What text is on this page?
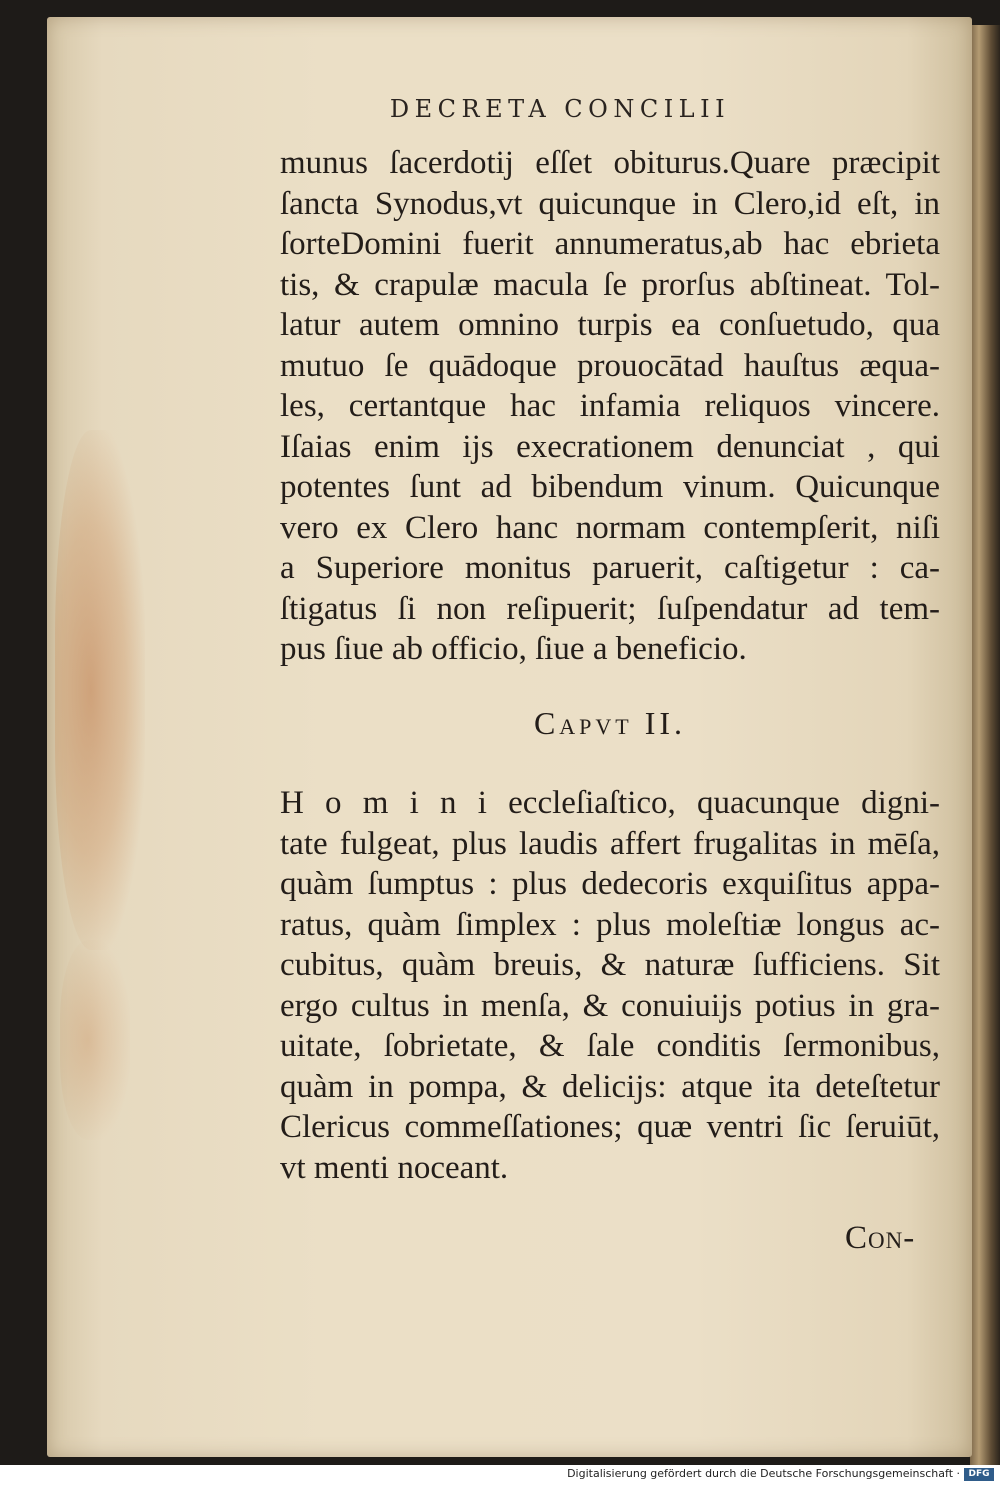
DECRETA CONCILII
munus ſacerdotij eſſet obiturus.Quare præcipit
ſancta Synodus,vt quicunque in Clero,id eſt, in
ſorteDomini fuerit annumeratus,ab hac ebrieta
tis, & crapulæ macula ſe prorſus abſtineat. Tol-
latur autem omnino turpis ea conſuetudo, qua
mutuo ſe quādoque prouocātad hauſtus æqua-
les, certantque hac infamia reliquos vincere.
Iſaias enim ijs execrationem denunciat , qui
potentes ſunt ad bibendum vinum. Quicunque
vero ex Clero hanc normam contempſerit, niſi
a Superiore monitus paruerit, caſtigetur : ca-
ſtigatus ſi non reſipuerit; ſuſpendatur ad tem-
pus ſiue ab officio, ſiue a beneficio.
Capvt II.
H o m i n i eccleſiaſtico, quacunque digni-
tate fulgeat, plus laudis affert frugalitas in mēſa,
quàm ſumptus : plus dedecoris exquiſitus appa-
ratus, quàm ſimplex : plus moleſtiæ longus ac-
cubitus, quàm breuis, & naturæ ſufficiens. Sit
ergo cultus in menſa, & conuiuijs potius in gra-
uitate, ſobrietate, & ſale conditis ſermonibus,
quàm in pompa, & delicijs: atque ita deteſtetur
Clericus commeſſationes; quæ ventri ſic ſeruiūt,
vt menti noceant.
Con-
Digitalisierung gefördert durch die Deutsche Forschungsgemeinschaft · DFG
